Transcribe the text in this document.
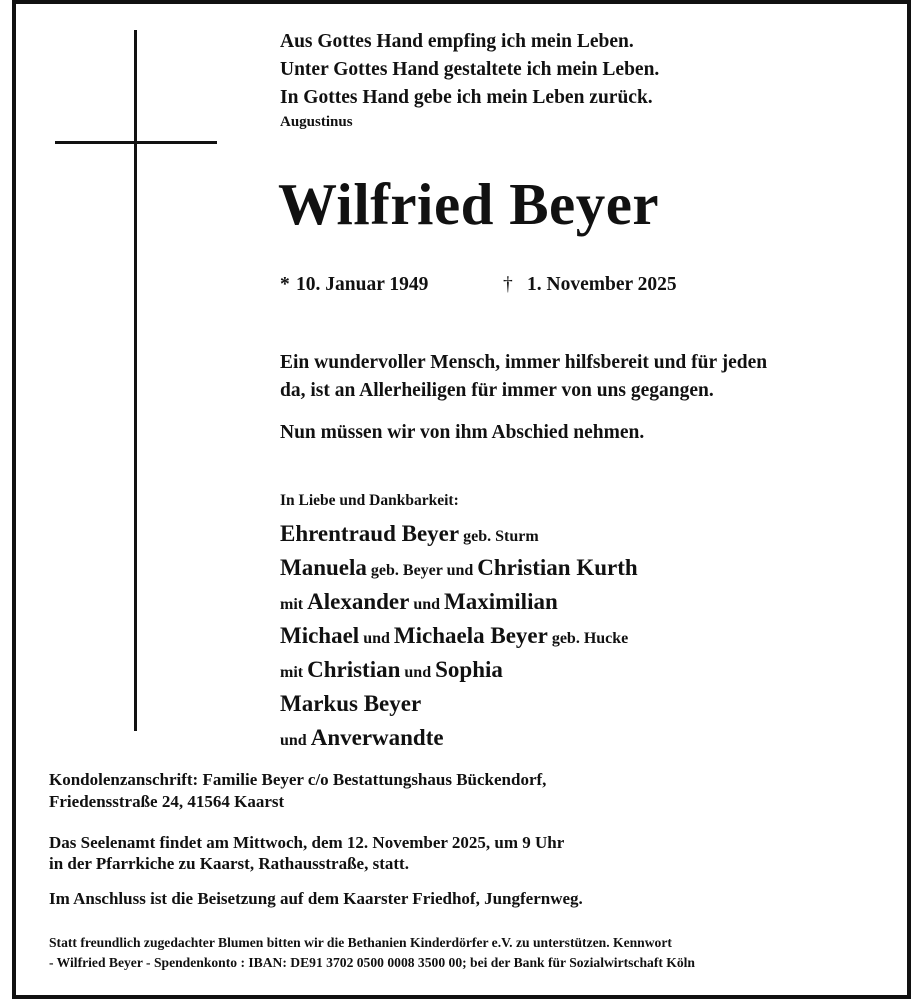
Aus Gottes Hand empfing ich mein Leben.
Unter Gottes Hand gestaltete ich mein Leben.
In Gottes Hand gebe ich mein Leben zurück.
Augustinus
Wilfried Beyer
* 10. Januar 1949	† 1. November 2025
Ein wundervoller Mensch, immer hilfsbereit und für jeden
da, ist an Allerheiligen für immer von uns gegangen.
Nun müssen wir von ihm Abschied nehmen.
In Liebe und Dankbarkeit:
Ehrentraud Beyer geb. Sturm
Manuela geb. Beyer und Christian Kurth
mit Alexander und Maximilian
Michael und Michaela Beyer geb. Hucke
mit Christian und Sophia
Markus Beyer
und Anverwandte
Kondolenzanschrift: Familie Beyer c/o Bestattungshaus Bückendorf,
Friedensstraße 24, 41564 Kaarst
Das Seelenamt findet am Mittwoch, dem 12. November 2025, um 9 Uhr
in der Pfarrkiche zu Kaarst, Rathausstraße, statt.
Im Anschluss ist die Beisetzung auf dem Kaarster Friedhof, Jungfernweg.
Statt freundlich zugedachter Blumen bitten wir die Bethanien Kinderdörfer e.V. zu unterstützen. Kennwort
- Wilfried Beyer - Spendenkonto : IBAN: DE91 3702 0500 0008 3500 00; bei der Bank für Sozialwirtschaft Köln
